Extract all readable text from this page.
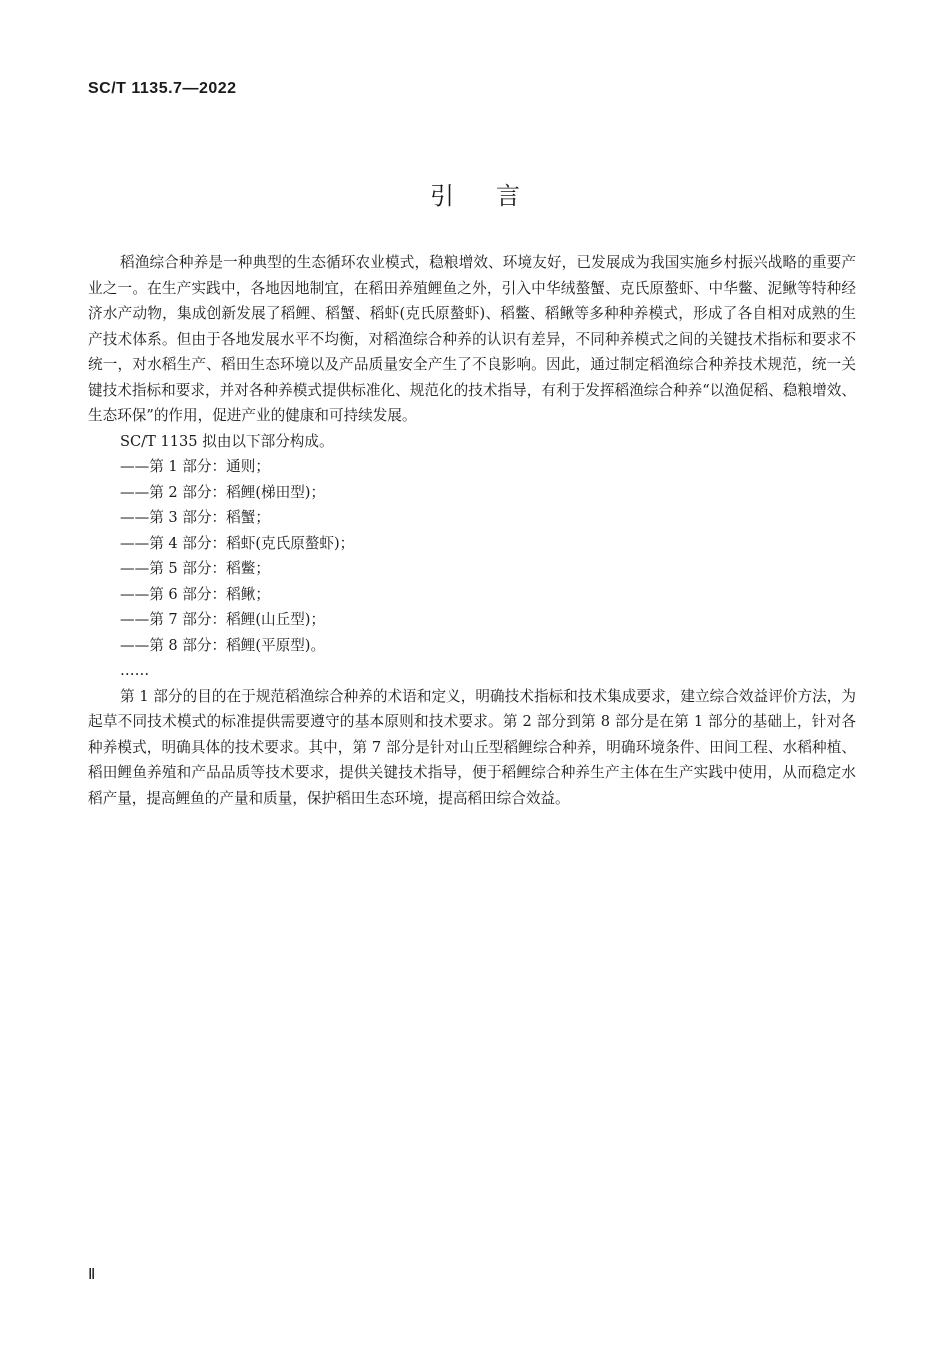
SC/T 1135.7—2022
引言

稻渔综合种养是一种典型的生态循环农业模式，稳粮增效、环境友好，已发展成为我国实施乡村振兴战略的重要产业之一。在生产实践中，各地因地制宜，在稻田养殖鲤鱼之外，引入中华绒螯蟹、克氏原螯虾、中华鳖、泥鳅等特种经济水产动物，集成创新发展了稻鲤、稻蟹、稻虾(克氏原螯虾)、稻鳖、稻鳅等多种种养模式，形成了各自相对成熟的生产技术体系。但由于各地发展水平不均衡，对稻渔综合种养的认识有差异，不同种养模式之间的关键技术指标和要求不统一，对水稻生产、稻田生态环境以及产品质量安全产生了不良影响。因此，通过制定稻渔综合种养技术规范，统一关键技术指标和要求，并对各种养模式提供标准化、规范化的技术指导，有利于发挥稻渔综合种养“以渔促稻、稳粮增效、生态环保”的作用，促进产业的健康和可持续发展。

SC/T 1135 拟由以下部分构成。

——第 1 部分：通则；

——第 2 部分：稻鲤(梯田型)；

——第 3 部分：稻蟹；

——第 4 部分：稻虾(克氏原螯虾)；

——第 5 部分：稻鳖；

——第 6 部分：稻鳅；

——第 7 部分：稻鲤(山丘型)；

——第 8 部分：稻鲤(平原型)。

……

第 1 部分的目的在于规范稻渔综合种养的术语和定义，明确技术指标和技术集成要求，建立综合效益评价方法，为起草不同技术模式的标准提供需要遵守的基本原则和技术要求。第 2 部分到第 8 部分是在第 1 部分的基础上，针对各种养模式，明确具体的技术要求。其中，第 7 部分是针对山丘型稻鲤综合种养，明确环境条件、田间工程、水稻种植、稻田鲤鱼养殖和产品品质等技术要求，提供关键技术指导，便于稻鲤综合种养生产主体在生产实践中使用，从而稳定水稻产量，提高鲤鱼的产量和质量，保护稻田生态环境，提高稻田综合效益。

Ⅱ
